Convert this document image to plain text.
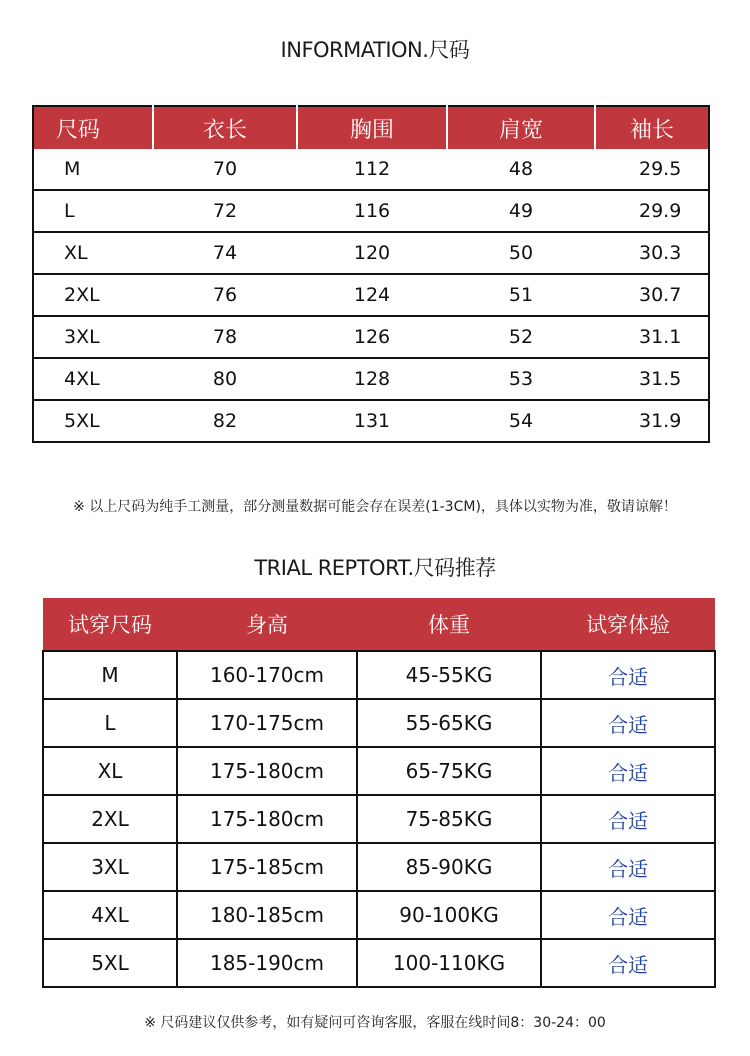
INFORMATION.尺码
尺码	衣长	胸围	肩宽	袖长
M	70	112	48	29.5
L	72	116	49	29.9
XL	74	120	50	30.3
2XL	76	124	51	30.7
3XL	78	126	52	31.1
4XL	80	128	53	31.5
5XL	82	131	54	31.9
※ 以上尺码为纯手工测量，部分测量数据可能会存在误差(1-3CM)，具体以实物为准，敬请谅解！
TRIAL REPTORT.尺码推荐
试穿尺码	身高	体重	试穿体验
M	160-170cm	45-55KG	合适
L	170-175cm	55-65KG	合适
XL	175-180cm	65-75KG	合适
2XL	175-180cm	75-85KG	合适
3XL	175-185cm	85-90KG	合适
4XL	180-185cm	90-100KG	合适
5XL	185-190cm	100-110KG	合适
※ 尺码建议仅供参考，如有疑问可咨询客服，客服在线时间8：30-24：00
